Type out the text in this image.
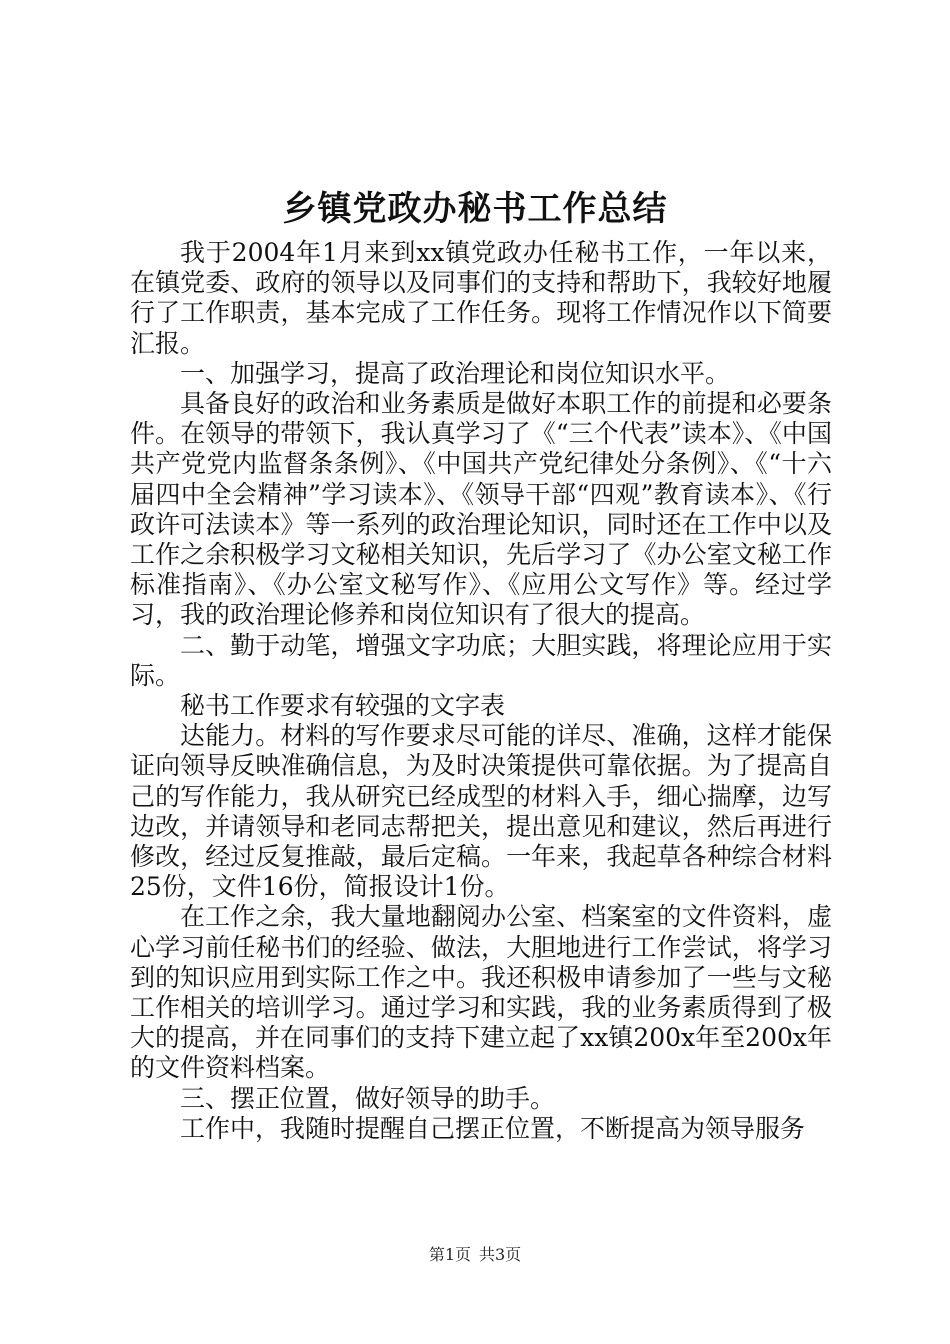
乡镇党政办秘书工作总结

我于2004年1月来到xx镇党政办任秘书工作，一年以来，在镇党委、政府的领导以及同事们的支持和帮助下，我较好地履行了工作职责，基本完成了工作任务。现将工作情况作以下简要汇报。

一、加强学习，提高了政治理论和岗位知识水平。

具备良好的政治和业务素质是做好本职工作的前提和必要条件。在领导的带领下，我认真学习了《“三个代表”读本》、《中国共产党党内监督条条例》、《中国共产党纪律处分条例》、《“十六届四中全会精神”学习读本》、《领导干部“四观”教育读本》、《行政许可法读本》等一系列的政治理论知识，同时还在工作中以及工作之余积极学习文秘相关知识，先后学习了《办公室文秘工作标准指南》、《办公室文秘写作》、《应用公文写作》等。经过学习，我的政治理论修养和岗位知识有了很大的提高。

二、勤于动笔，增强文字功底；大胆实践，将理论应用于实际。

秘书工作要求有较强的文字表

达能力。材料的写作要求尽可能的详尽、准确，这样才能保证向领导反映准确信息，为及时决策提供可靠依据。为了提高自己的写作能力，我从研究已经成型的材料入手，细心揣摩，边写边改，并请领导和老同志帮把关，提出意见和建议，然后再进行修改，经过反复推敲，最后定稿。一年来，我起草各种综合材料25份，文件16份，简报设计1份。

在工作之余，我大量地翻阅办公室、档案室的文件资料，虚心学习前任秘书们的经验、做法，大胆地进行工作尝试，将学习到的知识应用到实际工作之中。我还积极申请参加了一些与文秘工作相关的培训学习。通过学习和实践，我的业务素质得到了极大的提高，并在同事们的支持下建立起了xx镇200x年至200x年的文件资料档案。

三、摆正位置，做好领导的助手。

工作中，我随时提醒自己摆正位置，不断提高为领导服务

第1页 共3页
